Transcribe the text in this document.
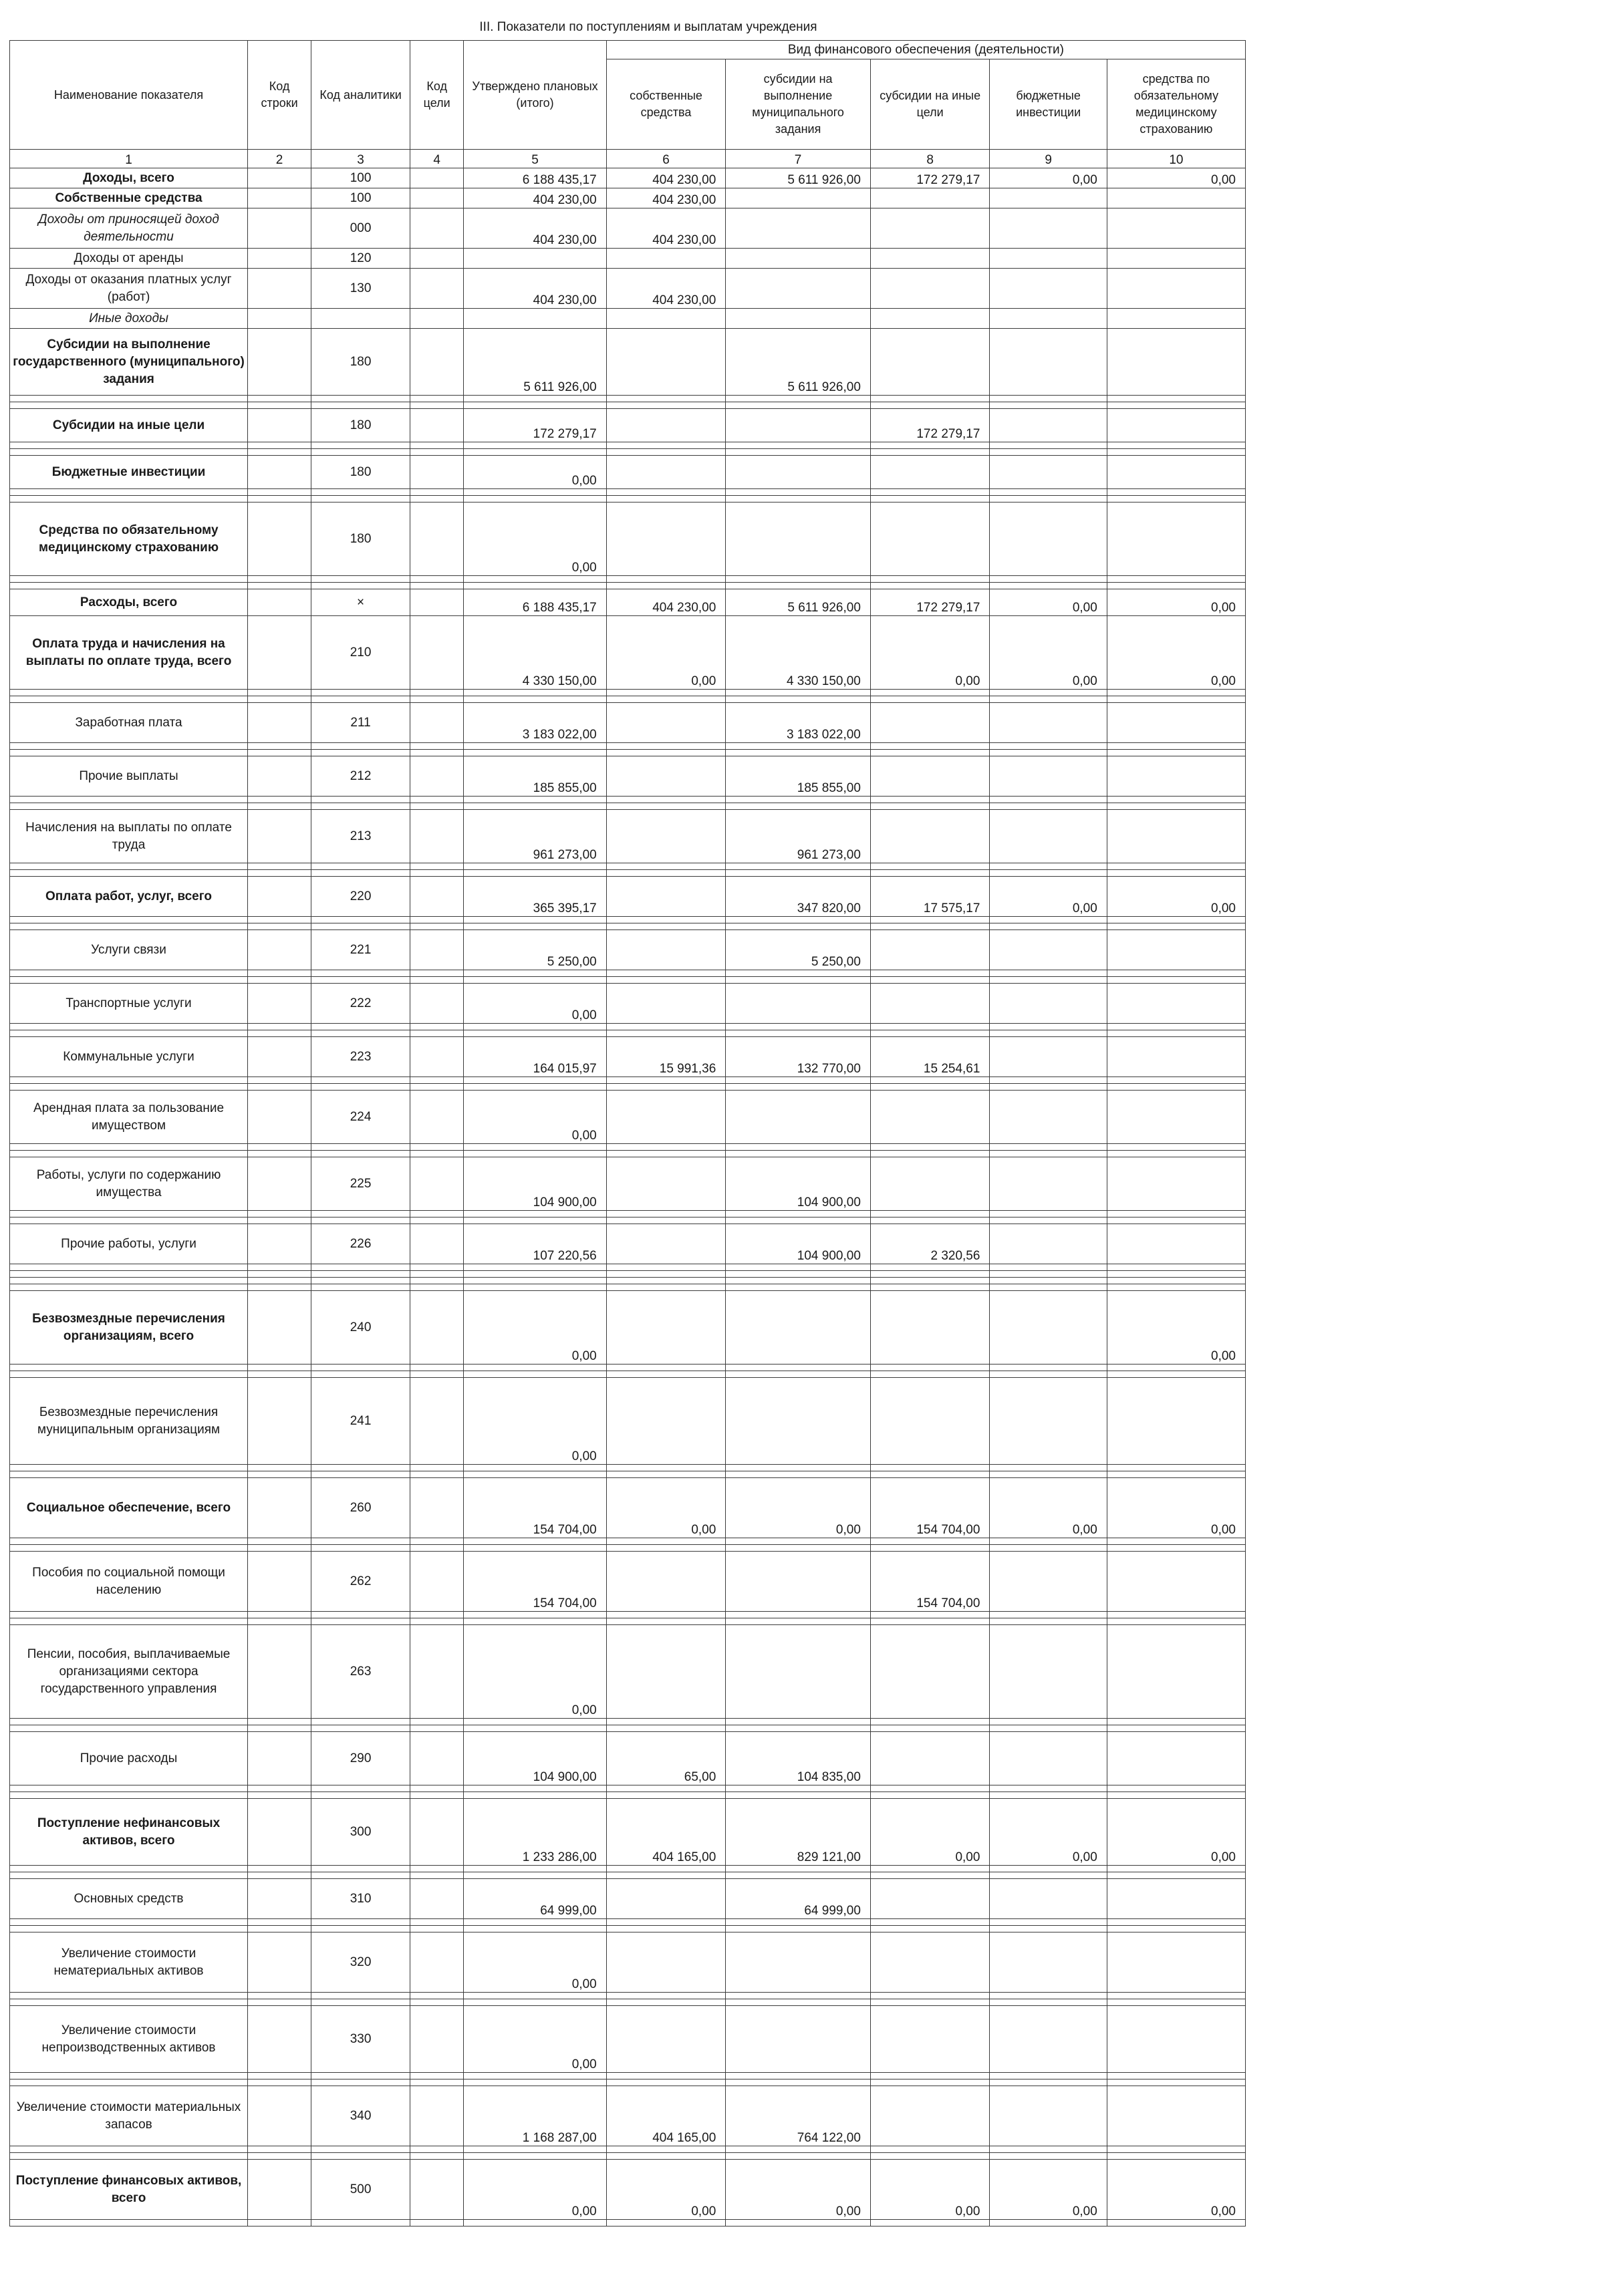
III. Показатели по поступлениям и выплатам учреждения
Наименование показателя	Код строки	Код аналитики	Код цели	Утверждено плановых (итого)	Вид финансового обеспечения (деятельности)				
					собственные средства	субсидии на выполнение муниципального задания	субсидии на иные цели	бюджетные инвестиции	средства по обязательному медицинскому страхованию
1	2	3	4	5	6	7	8	9	10
Доходы, всего		100		6 188 435,17	404 230,00	5 611 926,00	172 279,17	0,00	0,00
Собственные средства		100		404 230,00	404 230,00				
Доходы от приносящей доход деятельности		000		404 230,00	404 230,00				
Доходы от аренды		120							
Доходы от оказания платных услуг (работ)		130		404 230,00	404 230,00				
Иные доходы									
Субсидии на выполнение государственного (муниципального) задания		180		5 611 926,00		5 611 926,00			

Субсидии на иные цели		180		172 279,17			172 279,17		

Бюджетные инвестиции		180		0,00					

Средства по обязательному медицинскому страхованию		180		0,00					

Расходы, всего		×		6 188 435,17	404 230,00	5 611 926,00	172 279,17	0,00	0,00
Оплата труда и начисления на выплаты по оплате труда, всего		210		4 330 150,00	0,00	4 330 150,00	0,00	0,00	0,00

Заработная плата		211		3 183 022,00		3 183 022,00			

Прочие выплаты		212		185 855,00		185 855,00			

Начисления на выплаты по оплате труда		213		961 273,00		961 273,00			

Оплата работ, услуг, всего		220		365 395,17		347 820,00	17 575,17	0,00	0,00

Услуги связи		221		5 250,00		5 250,00			

Транспортные услуги		222		0,00					

Коммунальные услуги		223		164 015,97	15 991,36	132 770,00	15 254,61		

Арендная плата за пользование имуществом		224		0,00					

Работы, услуги по содержанию имущества		225		104 900,00		104 900,00			

Прочие работы, услуги		226		107 220,56		104 900,00	2 320,56		

Безвозмездные перечисления организациям, всего		240		0,00					0,00

Безвозмездные перечисления муниципальным организациям		241		0,00					

Социальное обеспечение, всего		260		154 704,00	0,00	0,00	154 704,00	0,00	0,00

Пособия по социальной помощи населению		262		154 704,00			154 704,00		

Пенсии, пособия, выплачиваемые организациями сектора государственного управления		263		0,00					

Прочие расходы		290		104 900,00	65,00	104 835,00			

Поступление нефинансовых активов, всего		300		1 233 286,00	404 165,00	829 121,00	0,00	0,00	0,00

Основных средств		310		64 999,00		64 999,00			

Увеличение стоимости нематериальных активов		320		0,00					

Увеличение стоимости непроизводственных активов		330		0,00					

Увеличение стоимости материальных запасов		340		1 168 287,00	404 165,00	764 122,00			

Поступление финансовых активов, всего		500		0,00	0,00	0,00	0,00	0,00	0,00
